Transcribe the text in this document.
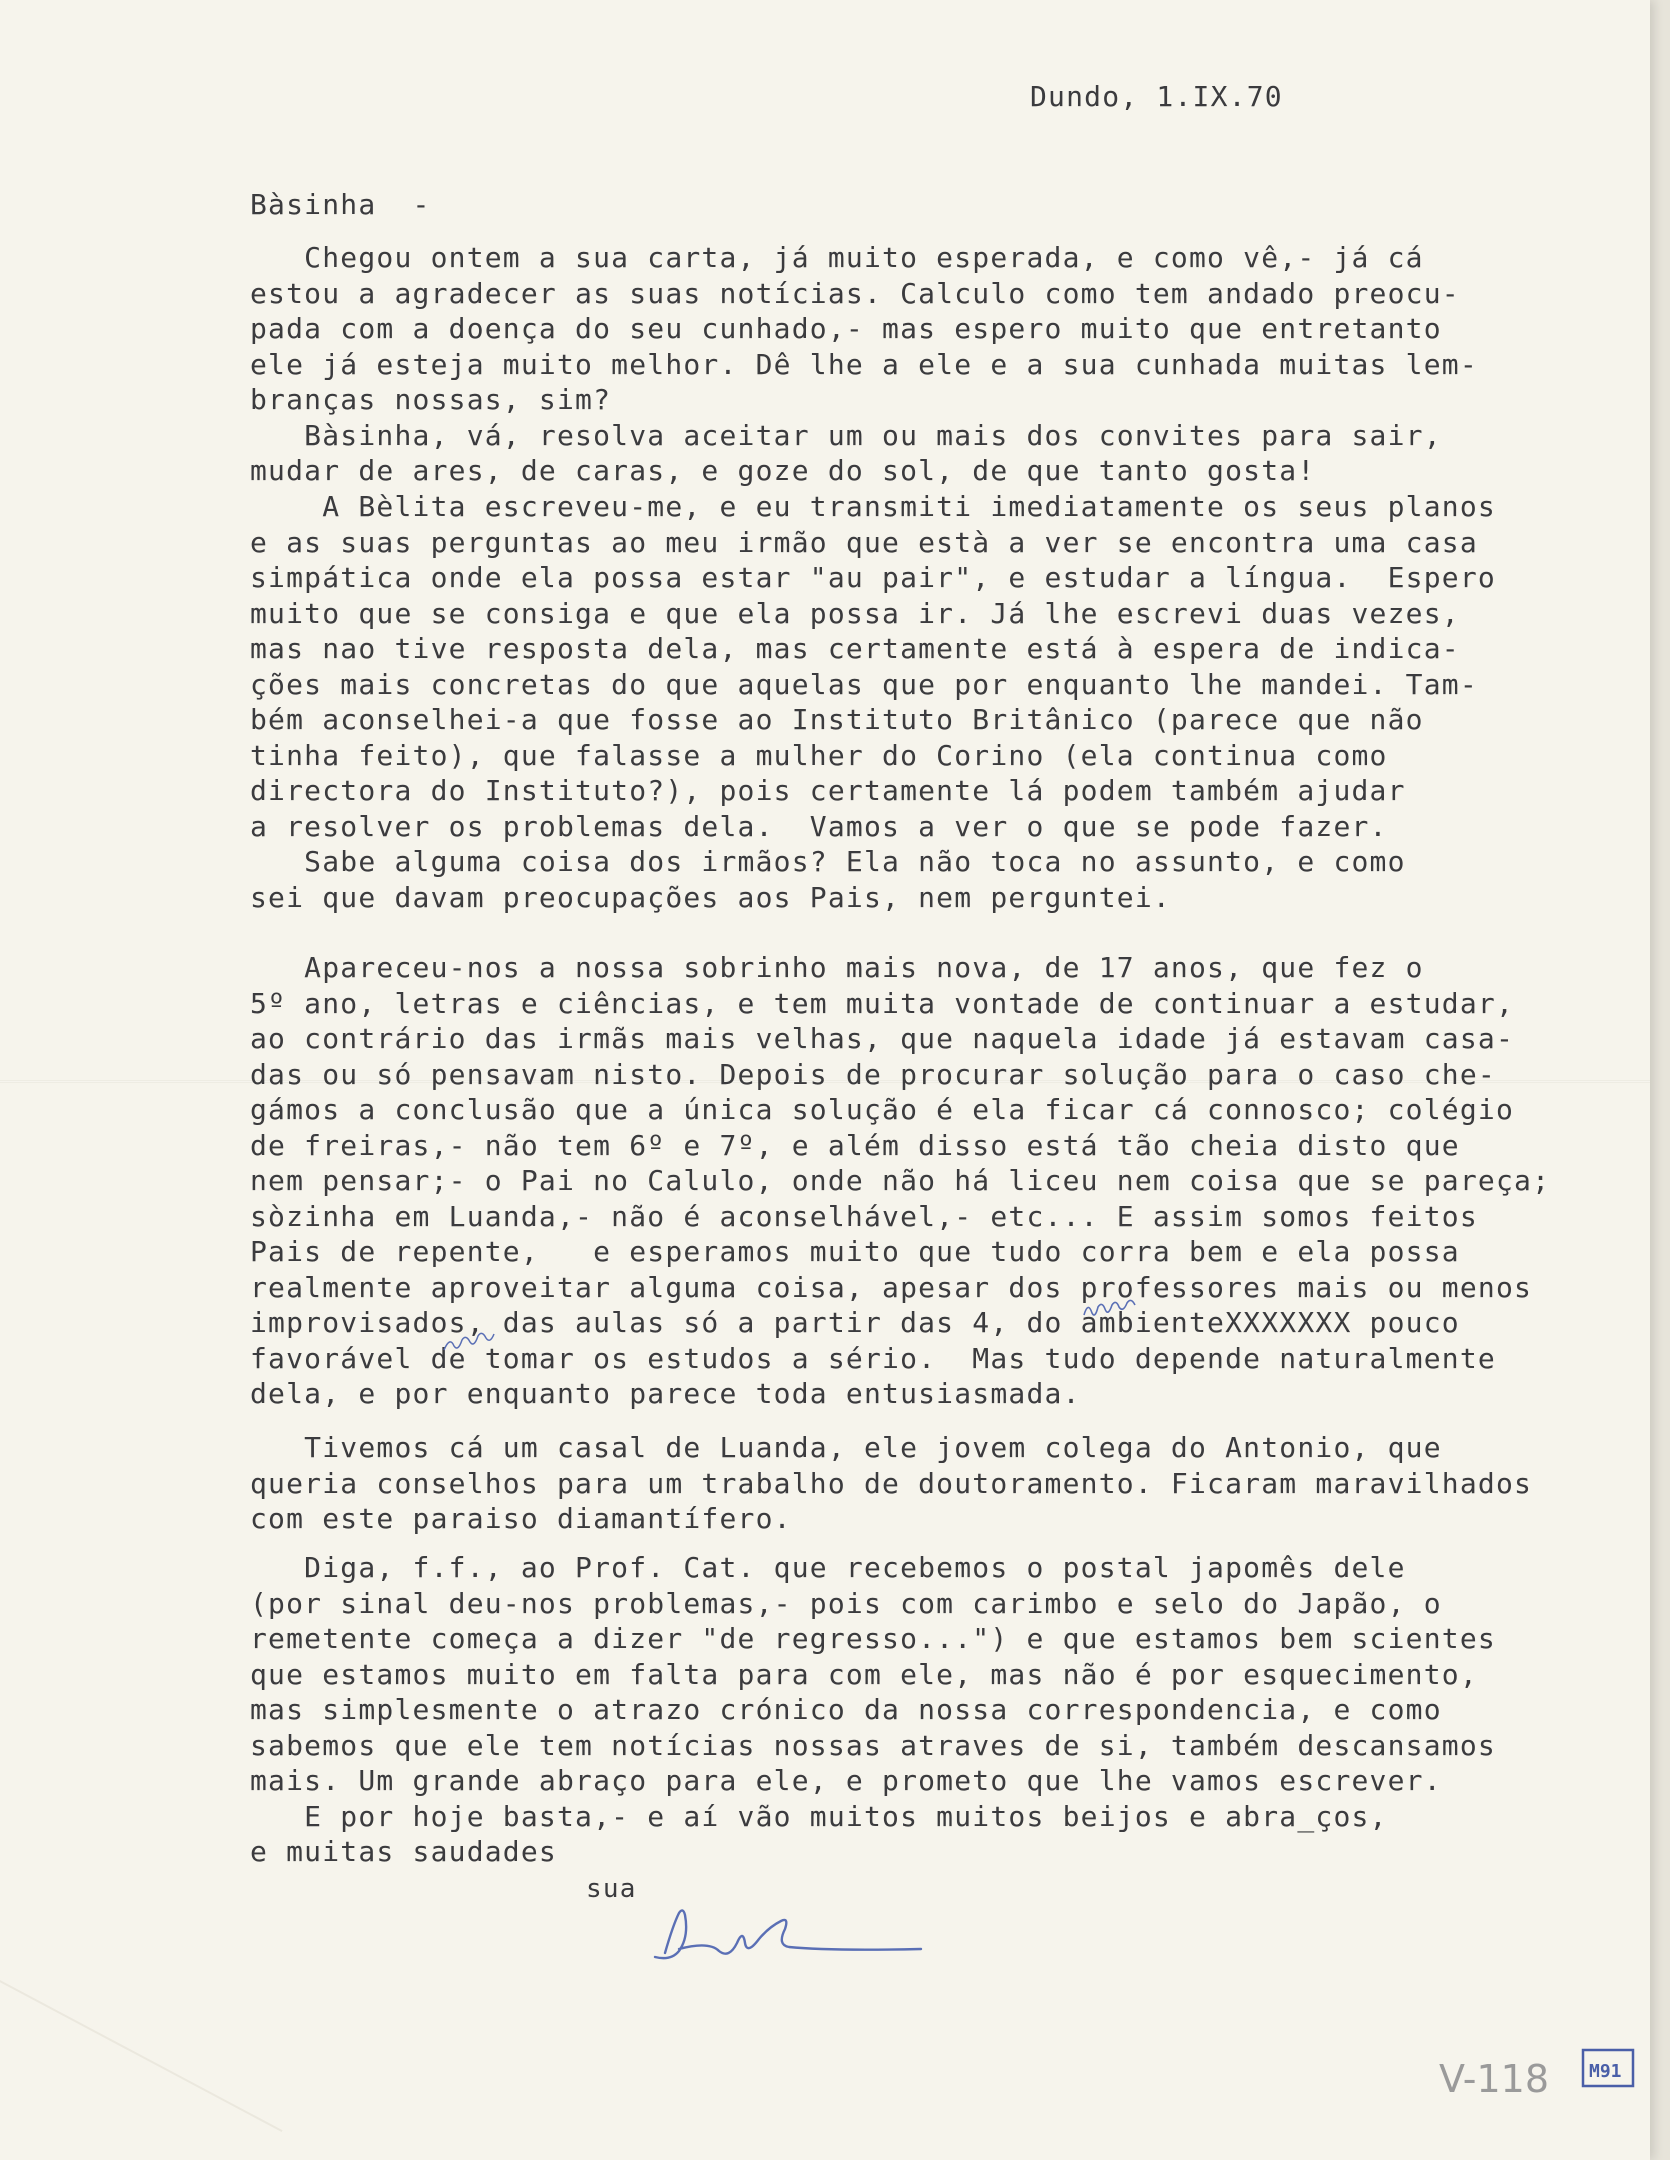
Dundo, 1.IX.70
Bàsinha  -
Chegou ontem a sua carta, já muito esperada, e como vê,- já cá
estou a agradecer as suas notícias. Calculo como tem andado preocu-
pada com a doença do seu cunhado,- mas espero muito que entretanto
ele já esteja muito melhor. Dê lhe a ele e a sua cunhada muitas lem-
branças nossas, sim?
Bàsinha, vá, resolva aceitar um ou mais dos convites para sair,
mudar de ares, de caras, e goze do sol, de que tanto gosta!
A Bèlita escreveu-me, e eu transmiti imediatamente os seus planos
e as suas perguntas ao meu irmão que està a ver se encontra uma casa
simpática onde ela possa estar "au pair", e estudar a língua.  Espero
muito que se consiga e que ela possa ir. Já lhe escrevi duas vezes,
mas nao tive resposta dela, mas certamente está à espera de indica-
ções mais concretas do que aquelas que por enquanto lhe mandei. Tam-
bém aconselhei-a que fosse ao Instituto Britânico (parece que não
tinha feito), que falasse a mulher do Corino (ela continua como
directora do Instituto?), pois certamente lá podem também ajudar
a resolver os problemas dela.  Vamos a ver o que se pode fazer.
Sabe alguma coisa dos irmãos? Ela não toca no assunto, e como
sei que davam preocupações aos Pais, nem perguntei.
Apareceu-nos a nossa sobrinho mais nova, de 17 anos, que fez o
5º ano, letras e ciências, e tem muita vontade de continuar a estudar,
ao contrário das irmãs mais velhas, que naquela idade já estavam casa-
das ou só pensavam nisto. Depois de procurar solução para o caso che-
gámos a conclusão que a única solução é ela ficar cá connosco; colégio
de freiras,- não tem 6º e 7º, e além disso está tão cheia disto que
nem pensar;- o Pai no Calulo, onde não há liceu nem coisa que se pareça;
sòzinha em Luanda,- não é aconselhável,- etc... E assim somos feitos
Pais de repente,   e esperamos muito que tudo corra bem e ela possa
realmente aproveitar alguma coisa, apesar dos professores mais ou menos
improvisados, das aulas só a partir das 4, do ambienteXXXXXXX pouco
favorável de tomar os estudos a sério.  Mas tudo depende naturalmente
dela, e por enquanto parece toda entusiasmada.
Tivemos cá um casal de Luanda, ele jovem colega do Antonio, que
queria conselhos para um trabalho de doutoramento. Ficaram maravilhados
com este paraiso diamantífero.
Diga, f.f., ao Prof. Cat. que recebemos o postal japomês dele
(por sinal deu-nos problemas,- pois com carimbo e selo do Japão, o
remetente começa a dizer "de regresso...") e que estamos bem scientes
que estamos muito em falta para com ele, mas não é por esquecimento,
mas simplesmente o atrazo crónico da nossa correspondencia, e como
sabemos que ele tem notícias nossas atraves de si, também descansamos
mais. Um grande abraço para ele, e prometo que lhe vamos escrever.
E por hoje basta,- e aí vão muitos muitos beijos e abra_ços,
e muitas saudades
sua
V-118 M91
